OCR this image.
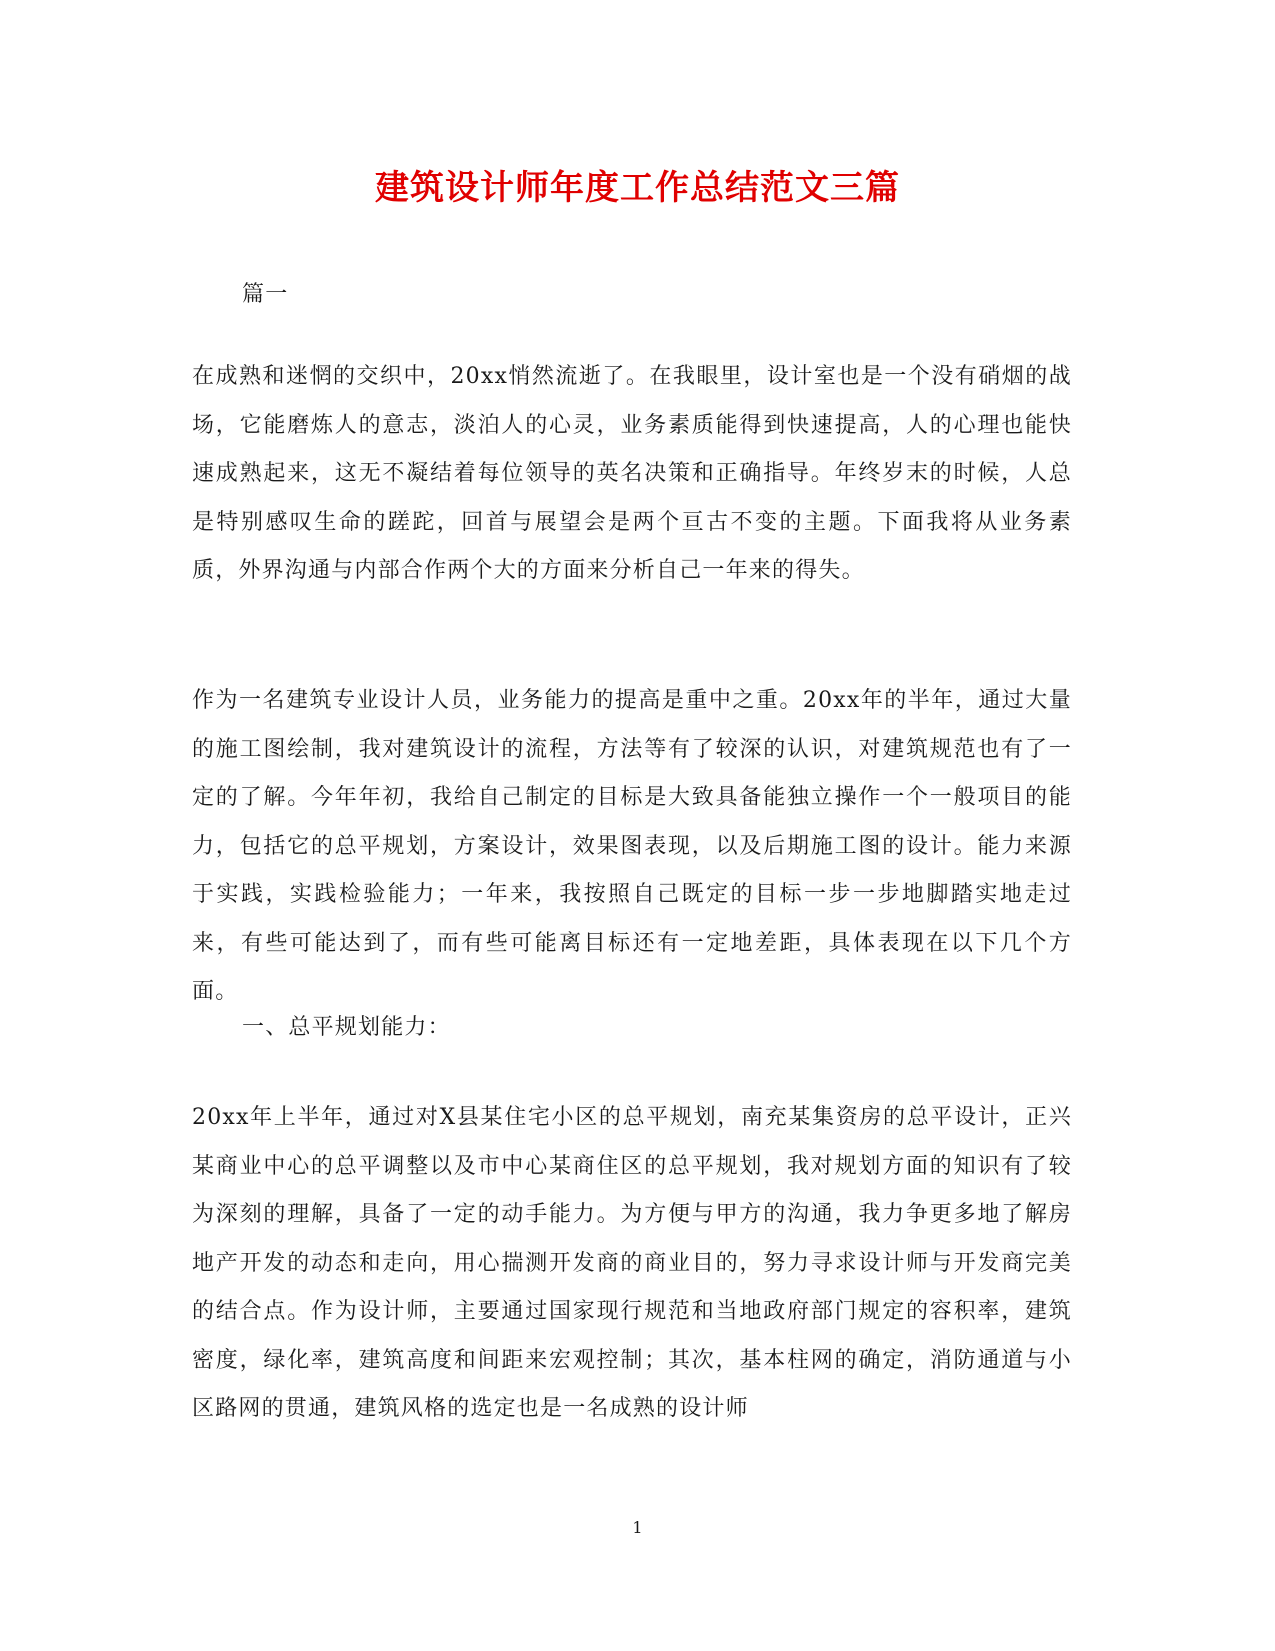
建筑设计师年度工作总结范文三篇

篇一

在成熟和迷惘的交织中，20xx悄然流逝了。在我眼里，设计室也是一个没有硝烟的战场，它能磨炼人的意志，淡泊人的心灵，业务素质能得到快速提高，人的心理也能快速成熟起来，这无不凝结着每位领导的英名决策和正确指导。年终岁末的时候，人总是特别感叹生命的蹉跎，回首与展望会是两个亘古不变的主题。下面我将从业务素质，外界沟通与内部合作两个大的方面来分析自己一年来的得失。

作为一名建筑专业设计人员，业务能力的提高是重中之重。20xx年的半年，通过大量的施工图绘制，我对建筑设计的流程，方法等有了较深的认识，对建筑规范也有了一定的了解。今年年初，我给自己制定的目标是大致具备能独立操作一个一般项目的能力，包括它的总平规划，方案设计，效果图表现，以及后期施工图的设计。能力来源于实践，实践检验能力；一年来，我按照自己既定的目标一步一步地脚踏实地走过来，有些可能达到了，而有些可能离目标还有一定地差距，具体表现在以下几个方面。

一、总平规划能力：

20xx年上半年，通过对X县某住宅小区的总平规划，南充某集资房的总平设计，正兴某商业中心的总平调整以及市中心某商住区的总平规划，我对规划方面的知识有了较为深刻的理解，具备了一定的动手能力。为方便与甲方的沟通，我力争更多地了解房地产开发的动态和走向，用心揣测开发商的商业目的，努力寻求设计师与开发商完美的结合点。作为设计师，主要通过国家现行规范和当地政府部门规定的容积率，建筑密度，绿化率，建筑高度和间距来宏观控制；其次，基本柱网的确定，消防通道与小区路网的贯通，建筑风格的选定也是一名成熟的设计师

1
